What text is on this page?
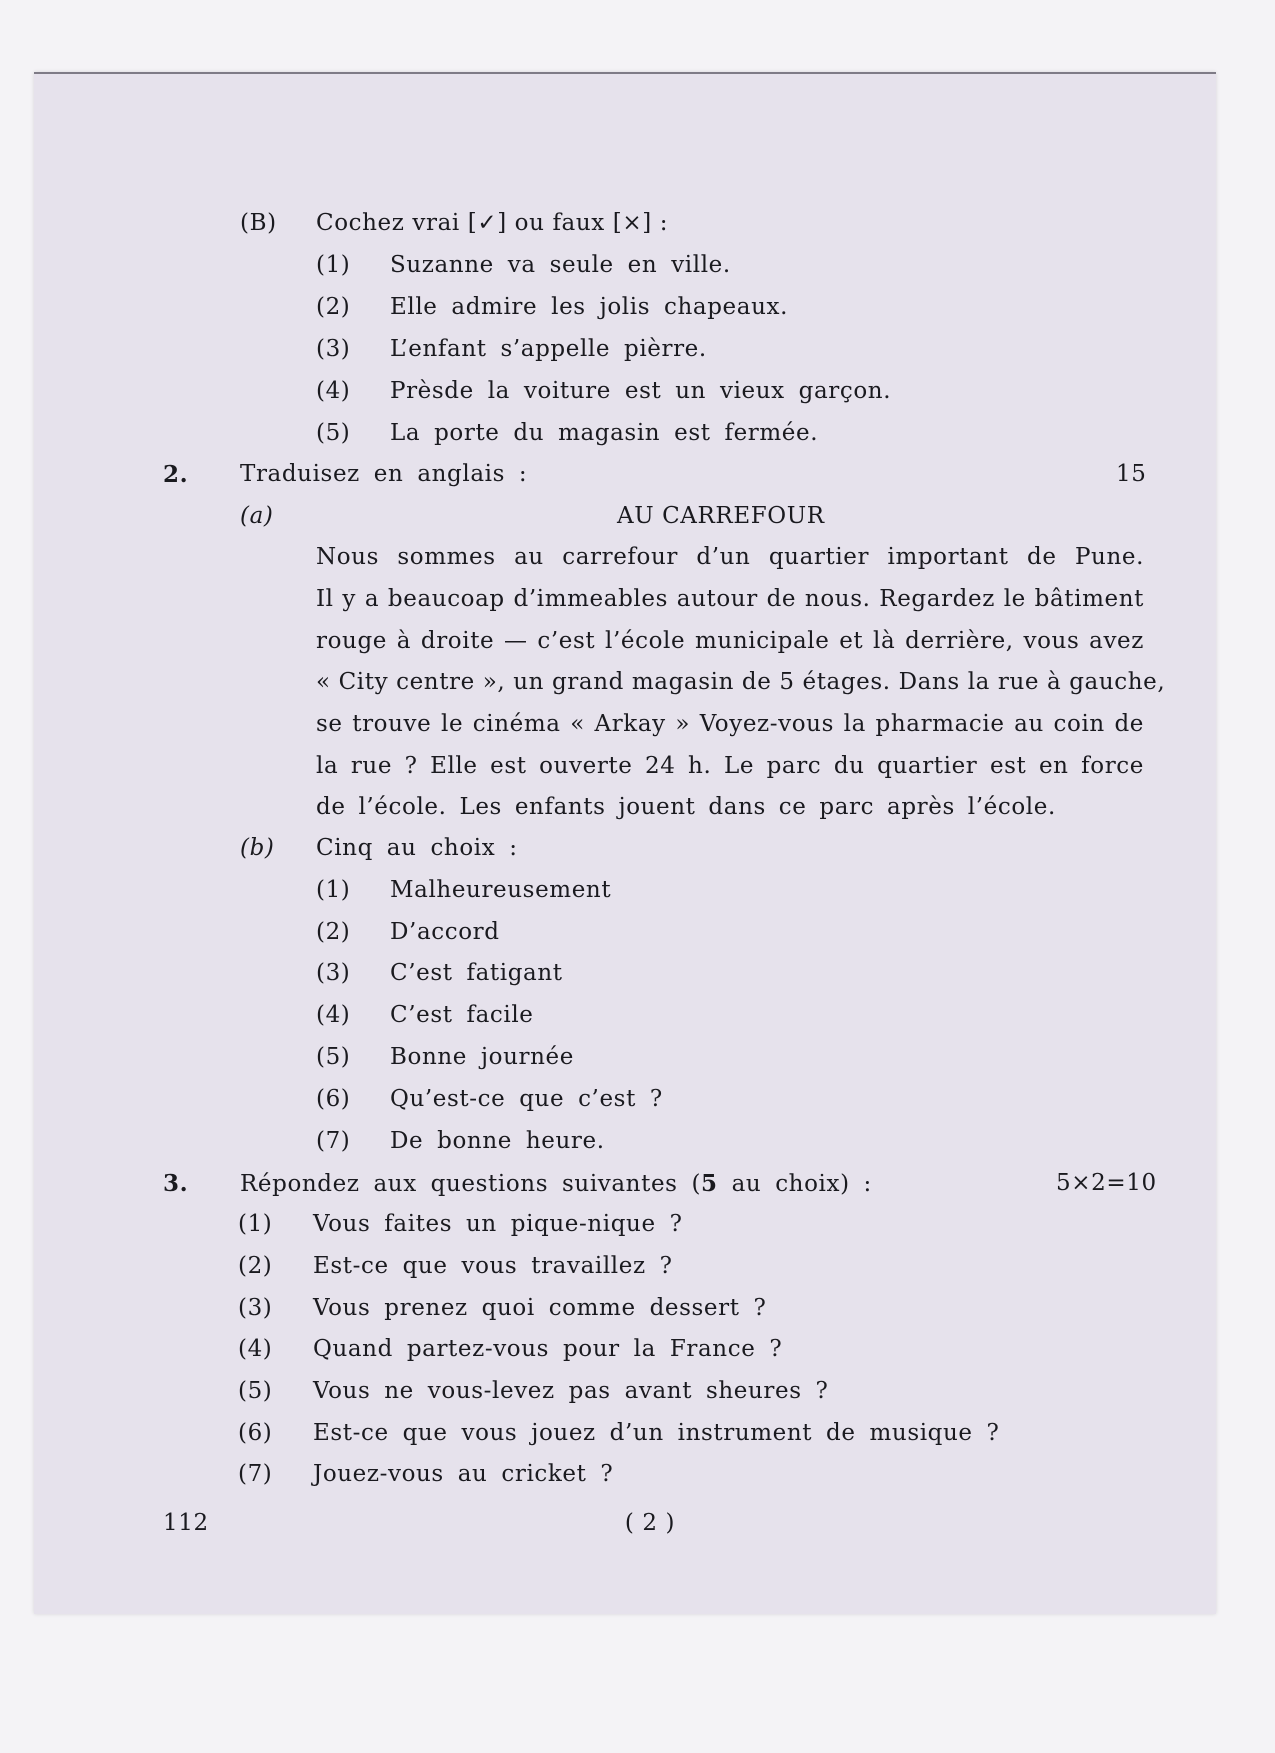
(B) Cochez vrai [✓] ou faux [×] :
(1) Suzanne va seule en ville.
(2) Elle admire les jolis chapeaux.
(3) L’enfant s’appelle pièrre.
(4) Prèsde la voiture est un vieux garçon.
(5) La porte du magasin est fermée.
2. Traduisez en anglais :	15
(a)	AU CARREFOUR
Nous sommes au carrefour d’un quartier important de Pune.
Il y a beaucoap d’immeables autour de nous. Regardez le bâtiment
rouge à droite — c’est l’école municipale et là derrière, vous avez
« City centre », un grand magasin de 5 étages. Dans la rue à gauche,
se trouve le cinéma « Arkay » Voyez-vous la pharmacie au coin de
la rue ? Elle est ouverte 24 h. Le parc du quartier est en force
de l’école. Les enfants jouent dans ce parc après l’école.
(b) Cinq au choix :
(1) Malheureusement
(2) D’accord
(3) C’est fatigant
(4) C’est facile
(5) Bonne journée
(6) Qu’est-ce que c’est ?
(7) De bonne heure.
3. Répondez aux questions suivantes (5 au choix) :	5×2=10
(1) Vous faites un pique-nique ?
(2) Est-ce que vous travaillez ?
(3) Vous prenez quoi comme dessert ?
(4) Quand partez-vous pour la France ?
(5) Vous ne vous-levez pas avant sheures ?
(6) Est-ce que vous jouez d’un instrument de musique ?
(7) Jouez-vous au cricket ?
112	( 2 )
